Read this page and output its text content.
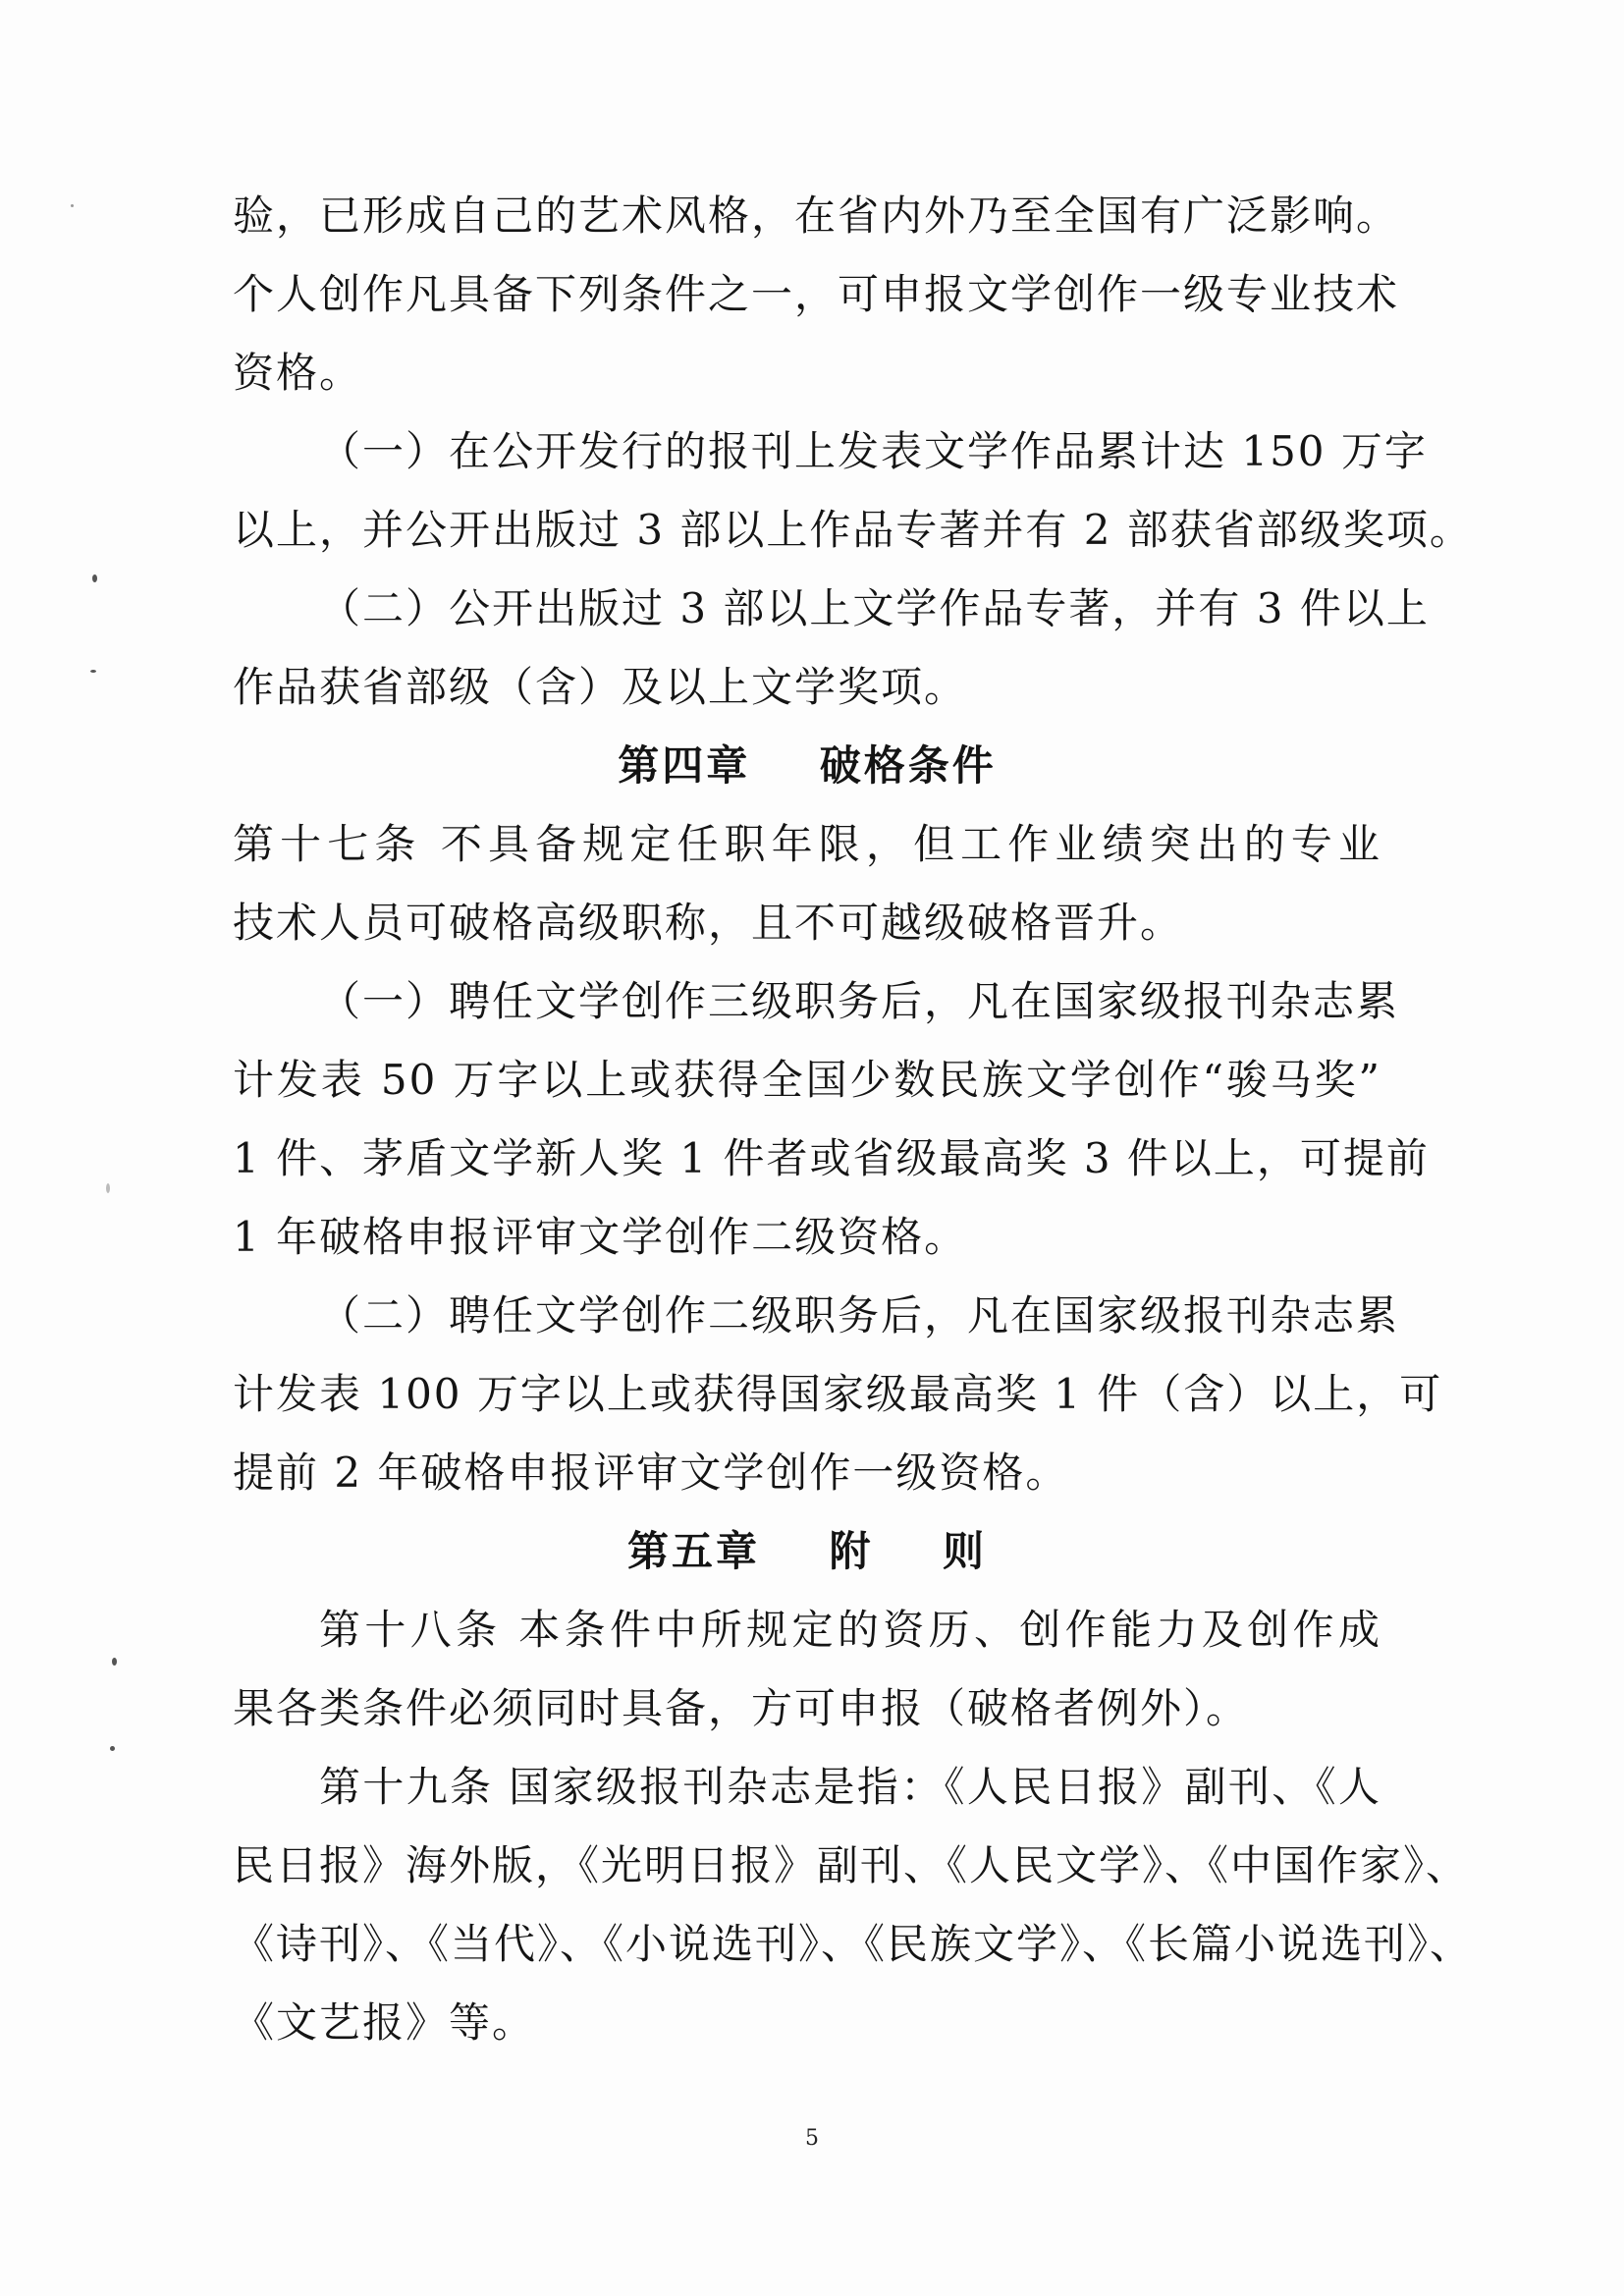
验，已形成自己的艺术风格，在省内外乃至全国有广泛影响。
个人创作凡具备下列条件之一，可申报文学创作一级专业技术
资格。
（一）在公开发行的报刊上发表文学作品累计达 150 万字
以上，并公开出版过 3 部以上作品专著并有 2 部获省部级奖项。
（二）公开出版过 3 部以上文学作品专著，并有 3 件以上
作品获省部级（含）及以上文学奖项。
第四章    破格条件
第十七条 不具备规定任职年限，但工作业绩突出的专业
技术人员可破格高级职称，且不可越级破格晋升。
（一）聘任文学创作三级职务后，凡在国家级报刊杂志累
计发表 50 万字以上或获得全国少数民族文学创作“骏马奖”
1 件、茅盾文学新人奖 1 件者或省级最高奖 3 件以上，可提前
1 年破格申报评审文学创作二级资格。
（二）聘任文学创作二级职务后，凡在国家级报刊杂志累
计发表 100 万字以上或获得国家级最高奖 1 件（含）以上，可
提前 2 年破格申报评审文学创作一级资格。
第五章    附    则
第十八条 本条件中所规定的资历、创作能力及创作成
果各类条件必须同时具备，方可申报（破格者例外）。
第十九条 国家级报刊杂志是指：《人民日报》副刊、《人
民日报》海外版，《光明日报》副刊、《人民文学》、《中国作家》、
《诗刊》、《当代》、《小说选刊》、《民族文学》、《长篇小说选刊》、
《文艺报》等。
5
